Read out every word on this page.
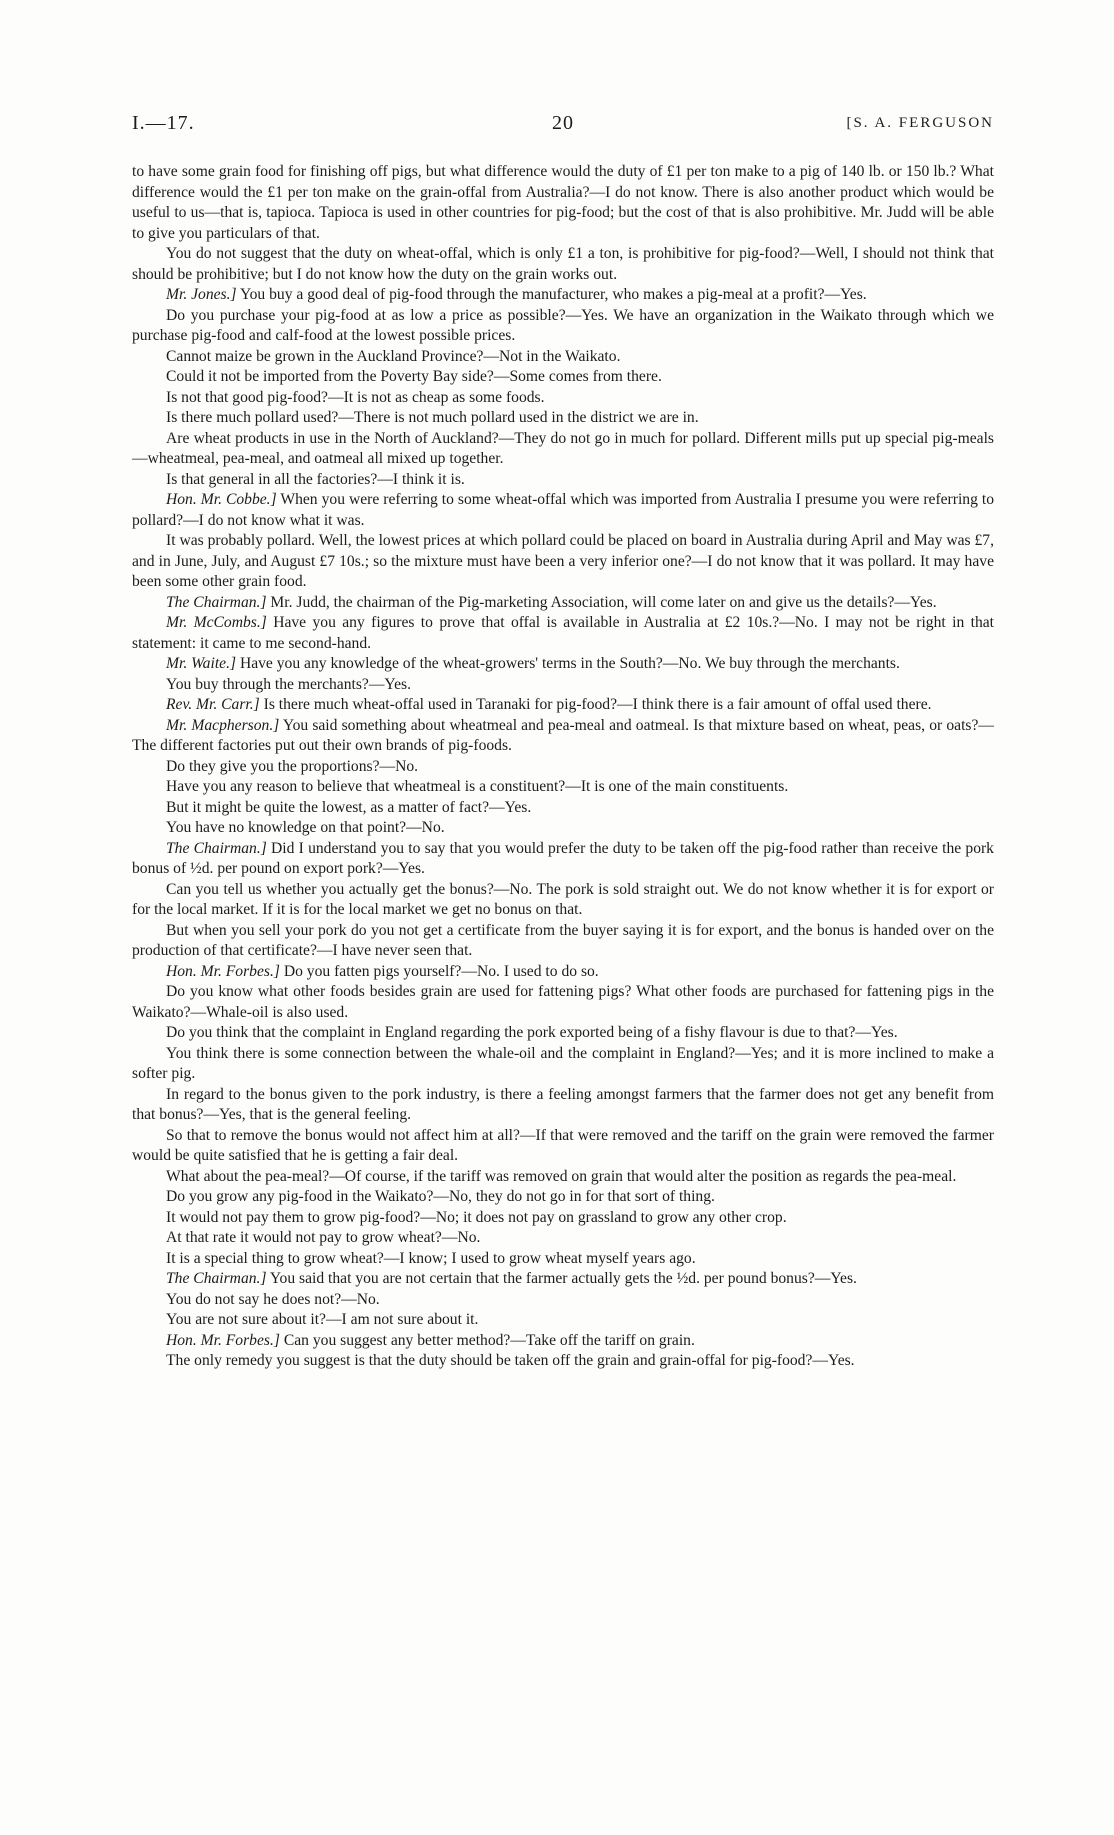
I.—17.	20	[S. A. FERGUSON

to have some grain food for finishing off pigs, but what difference would the duty of £1 per ton make to a pig of 140 lb. or 150 lb.? What difference would the £1 per ton make on the grain-offal from Australia?—I do not know. There is also another product which would be useful to us—that is, tapioca. Tapioca is used in other countries for pig-food; but the cost of that is also prohibitive. Mr. Judd will be able to give you particulars of that.

You do not suggest that the duty on wheat-offal, which is only £1 a ton, is prohibitive for pig-food?—Well, I should not think that should be prohibitive; but I do not know how the duty on the grain works out.

Mr. Jones.] You buy a good deal of pig-food through the manufacturer, who makes a pig-meal at a profit?—Yes.

Do you purchase your pig-food at as low a price as possible?—Yes. We have an organization in the Waikato through which we purchase pig-food and calf-food at the lowest possible prices.

Cannot maize be grown in the Auckland Province?—Not in the Waikato.

Could it not be imported from the Poverty Bay side?—Some comes from there.

Is not that good pig-food?—It is not as cheap as some foods.

Is there much pollard used?—There is not much pollard used in the district we are in.

Are wheat products in use in the North of Auckland?—They do not go in much for pollard. Different mills put up special pig-meals—wheatmeal, pea-meal, and oatmeal all mixed up together.

Is that general in all the factories?—I think it is.

Hon. Mr. Cobbe.] When you were referring to some wheat-offal which was imported from Australia I presume you were referring to pollard?—I do not know what it was.

It was probably pollard. Well, the lowest prices at which pollard could be placed on board in Australia during April and May was £7, and in June, July, and August £7 10s.; so the mixture must have been a very inferior one?—I do not know that it was pollard. It may have been some other grain food.

The Chairman.] Mr. Judd, the chairman of the Pig-marketing Association, will come later on and give us the details?—Yes.

Mr. McCombs.] Have you any figures to prove that offal is available in Australia at £2 10s.?—No. I may not be right in that statement: it came to me second-hand.

Mr. Waite.] Have you any knowledge of the wheat-growers' terms in the South?—No. We buy through the merchants.

You buy through the merchants?—Yes.

Rev. Mr. Carr.] Is there much wheat-offal used in Taranaki for pig-food?—I think there is a fair amount of offal used there.

Mr. Macpherson.] You said something about wheatmeal and pea-meal and oatmeal. Is that mixture based on wheat, peas, or oats?—The different factories put out their own brands of pig-foods.

Do they give you the proportions?—No.

Have you any reason to believe that wheatmeal is a constituent?—It is one of the main constituents.

But it might be quite the lowest, as a matter of fact?—Yes.

You have no knowledge on that point?—No.

The Chairman.] Did I understand you to say that you would prefer the duty to be taken off the pig-food rather than receive the pork bonus of ½d. per pound on export pork?—Yes.

Can you tell us whether you actually get the bonus?—No. The pork is sold straight out. We do not know whether it is for export or for the local market. If it is for the local market we get no bonus on that.

But when you sell your pork do you not get a certificate from the buyer saying it is for export, and the bonus is handed over on the production of that certificate?—I have never seen that.

Hon. Mr. Forbes.] Do you fatten pigs yourself?—No. I used to do so.

Do you know what other foods besides grain are used for fattening pigs? What other foods are purchased for fattening pigs in the Waikato?—Whale-oil is also used.

Do you think that the complaint in England regarding the pork exported being of a fishy flavour is due to that?—Yes.

You think there is some connection between the whale-oil and the complaint in England?—Yes; and it is more inclined to make a softer pig.

In regard to the bonus given to the pork industry, is there a feeling amongst farmers that the farmer does not get any benefit from that bonus?—Yes, that is the general feeling.

So that to remove the bonus would not affect him at all?—If that were removed and the tariff on the grain were removed the farmer would be quite satisfied that he is getting a fair deal.

What about the pea-meal?—Of course, if the tariff was removed on grain that would alter the position as regards the pea-meal.

Do you grow any pig-food in the Waikato?—No, they do not go in for that sort of thing.

It would not pay them to grow pig-food?—No; it does not pay on grassland to grow any other crop.

At that rate it would not pay to grow wheat?—No.

It is a special thing to grow wheat?—I know; I used to grow wheat myself years ago.

The Chairman.] You said that you are not certain that the farmer actually gets the ½d. per pound bonus?—Yes.

You do not say he does not?—No.

You are not sure about it?—I am not sure about it.

Hon. Mr. Forbes.] Can you suggest any better method?—Take off the tariff on grain.

The only remedy you suggest is that the duty should be taken off the grain and grain-offal for pig-food?—Yes.
